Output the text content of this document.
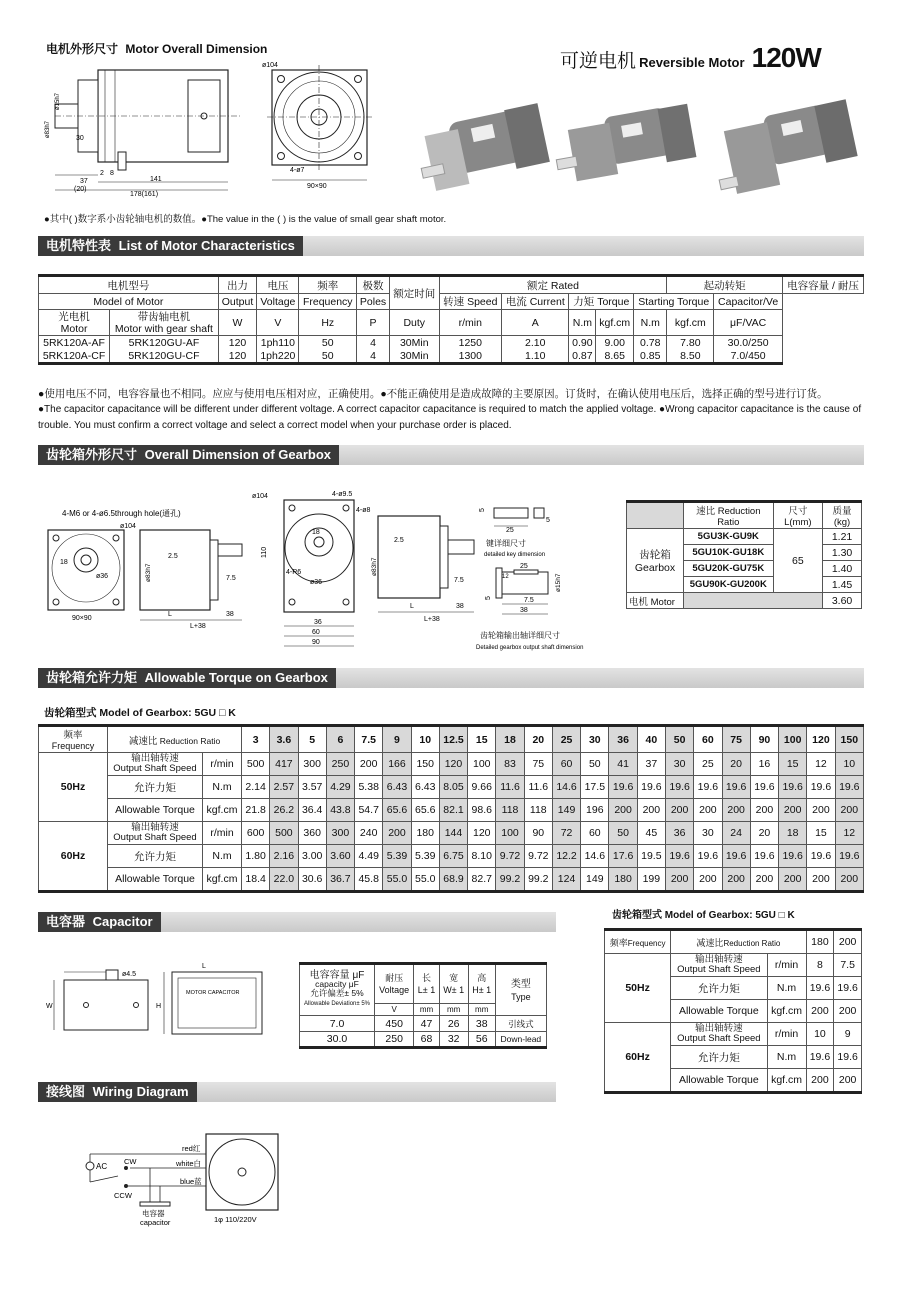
电机外形尺寸 Motor Overall Dimension
可逆电机 Reversible Motor 120W
30
2 8
37
(20)
141
178(161)
ø83h7
ø15h7
ø104
4-ø7
90×90
●其中( )数字系小齿轮轴电机的数值。●The value in the ( ) is the value of small gear shaft motor.
电机特性表 List of Motor Characteristics
电机型号		出力	电压	频率	极数	额定时间	额定 Rated					起动转矩		电容容量 / 耐压
Model of Motor		Output	Voltage	Frequency	Poles		转速 Speed	电流 Current	力矩 Torque		Starting Torque		Capacitor/Ve	
光电机
Motor	带齿轴电机
Motor with gear shaft	W	V	Hz	P	Duty	r/min	A	N.m	kgf.cm	N.m	kgf.cm	μF/VAC	
5RK120A-AF	5RK120GU-AF	120	1ph110	50	4	30Min	1250	2.10	0.90	9.00	0.78	7.80	30.0/250	
5RK120A-CF	5RK120GU-CF	120	1ph220	50	4	30Min	1300	1.10	0.87	8.65	0.85	8.50	7.0/450	
●使用电压不同，电容容量也不相同。应应与使用电压相对应，正确使用。●不能正确使用是造成故障的主要原因。订货时，在确认使用电压后，选择正确的型号进行订货。
●The capacitor capacitance will be different under different voltage. A correct capacitor capacitance is required to match the applied voltage. ●Wrong capacitor capacitance is the cause of
trouble. You must confirm a correct voltage and select a correct model when your purchase order is placed.
齿轮箱外形尺寸 Overall Dimension of Gearbox
4-M6 or 4-ø6.5through hole(通孔)
ø104
18
ø36
90×90
ø83h7
2.5
7.5
L	38
L+38
ø104	4-ø9.5
4-ø8
110
18
4-R6
ø36
36
60
90
ø83h7
2.5
7.5
L	38
L+38
5
25
5
键详细尺寸
detailed key dimension
12
25
ø15h7
7.5
38
5
齿轮箱输出轴详细尺寸
Detailed gearbox output shaft dimension
	速比 Reduction Ratio	尺寸L(mm)	质量(kg)
齿轮箱
Gearbox	5GU3K-GU9K	65	1.21
	5GU10K-GU18K		1.30
	5GU20K-GU75K		1.40
	5GU90K-GU200K		1.45
电机 Motor			3.60
齿轮箱允许力矩 Allowable Torque on Gearbox
齿轮箱型式 Model of Gearbox: 5GU □ K
频率 Frequency	减速比 Reduction Ratio		3	3.6	5	6	7.5	9	10	12.5	15	18	20	25	30	36	40	50	60	75	90	100	120	150
50Hz	输出轴转速
Output Shaft Speed	r/min	500	417	300	250	200	166	150	120	100	83	75	60	50	41	37	30	25	20	16	15	12	10
	允许力矩	N.m	2.14	2.57	3.57	4.29	5.38	6.43	6.43	8.05	9.66	11.6	11.6	14.6	17.5	19.6	19.6	19.6	19.6	19.6	19.6	19.6	19.6	19.6
	Allowable Torque	kgf.cm	21.8	26.2	36.4	43.8	54.7	65.6	65.6	82.1	98.6	118	118	149	196	200	200	200	200	200	200	200	200	200
60Hz	输出轴转速
Output Shaft Speed	r/min	600	500	360	300	240	200	180	144	120	100	90	72	60	50	45	36	30	24	20	18	15	12
	允许力矩	N.m	1.80	2.16	3.00	3.60	4.49	5.39	5.39	6.75	8.10	9.72	9.72	12.2	14.6	17.6	19.5	19.6	19.6	19.6	19.6	19.6	19.6	19.6
	Allowable Torque	kgf.cm	18.4	22.0	30.6	36.7	45.8	55.0	55.0	68.9	82.7	99.2	99.2	124	149	180	199	200	200	200	200	200	200	200
电容器 Capacitor
ø4.5
W	H
L
MOTOR CAPACITOR
电容容量 μF
capacity μF
允许偏差± 5%
Allowable Deviation± 5%	耐压
Voltage	长
L± 1	宽
W± 1	高
H± 1	类型
Type
	V	mm	mm	mm	
7.0	450	47	26	38	引线式
30.0	250	68	32	56	Down-lead
齿轮箱型式 Model of Gearbox: 5GU □ K
频率Frequency	减速比Reduction Ratio		180	200
50Hz	输出轴转速
Output Shaft Speed	r/min	8	7.5
	允许力矩	N.m	19.6	19.6
	Allowable Torque	kgf.cm	200	200
60Hz	输出轴转速
Output Shaft Speed	r/min	10	9
	允许力矩	N.m	19.6	19.6
	Allowable Torque	kgf.cm	200	200
接线图 Wiring Diagram
red红
white白
blue蓝
AC
CW
CCW
电容器
capacitor	1φ 110/220V
